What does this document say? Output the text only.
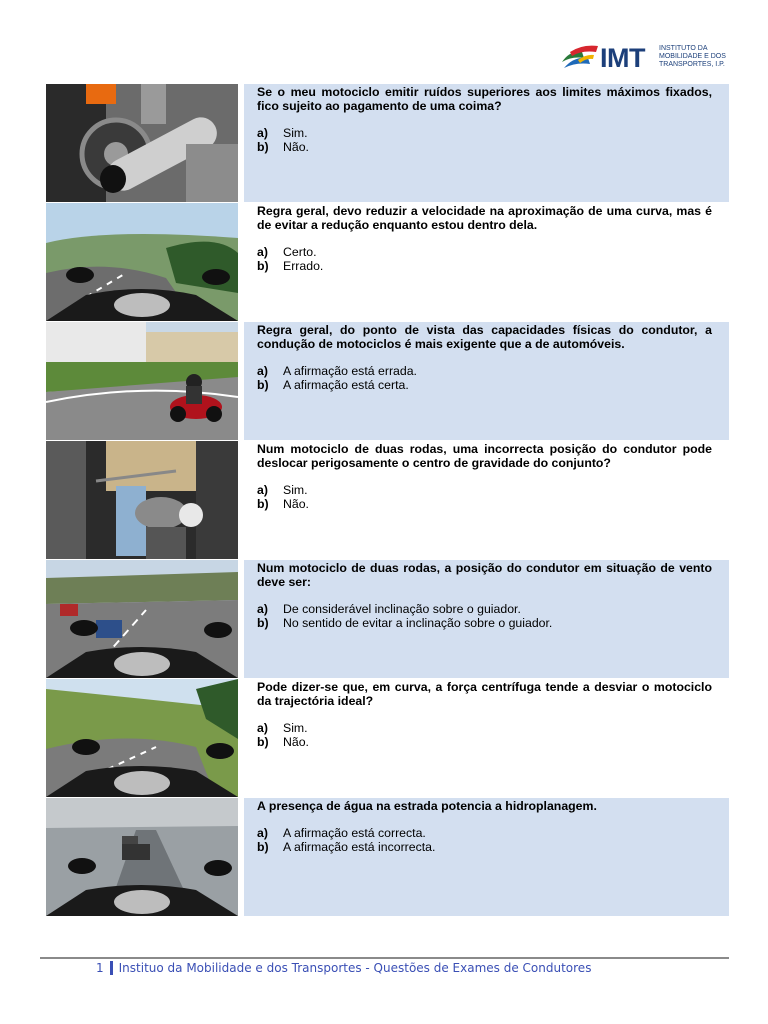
IMT INSTITUTO DA
MOBILIDADE E DOS
TRANSPORTES, I.P.
Se o meu motociclo emitir ruídos superiores aos limites máximos fixados, fico sujeito ao pagamento de uma coima?
a)	Sim.
b)	Não.
Regra geral, devo reduzir a velocidade na aproximação de uma curva, mas é de evitar a redução enquanto estou dentro dela.
a)	Certo.
b)	Errado.
Regra geral, do ponto de vista das capacidades físicas do condutor, a condução de motociclos é mais exigente que a de automóveis.
a)	A afirmação está errada.
b)	A afirmação está certa.
Num motociclo de duas rodas, uma incorrecta posição do condutor pode deslocar perigosamente o centro de gravidade do conjunto?
a)	Sim.
b)	Não.
Num motociclo de duas rodas, a posição do condutor em situação de vento deve ser:
a)	De considerável inclinação sobre o guiador.
b)	No sentido de evitar a inclinação sobre o guiador.
Pode dizer-se que, em curva, a força centrífuga tende a desviar o motociclo da trajectória ideal?
a)	Sim.
b)	Não.
A presença de água na estrada potencia a hidroplanagem.
a)	A afirmação está correcta.
b)	A afirmação está incorrecta.
1 Instituo da Mobilidade e dos Transportes - Questões de Exames de Condutores
